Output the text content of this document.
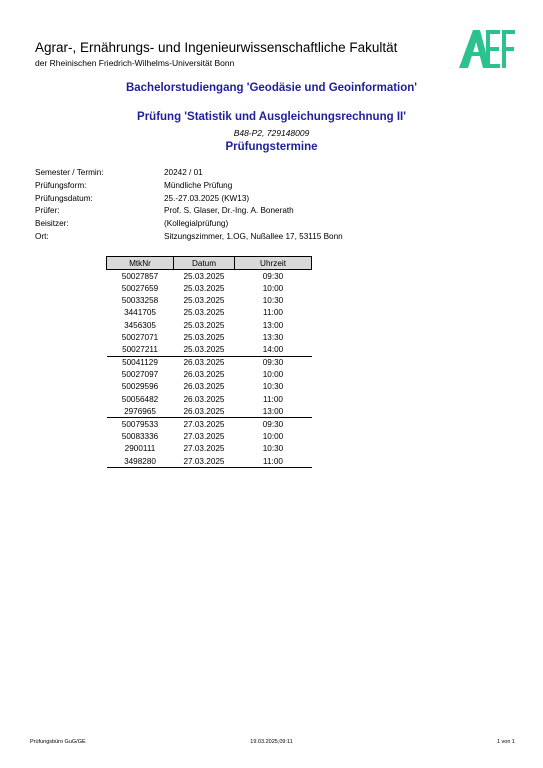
Agrar-, Ernährungs- und Ingenieurwissenschaftliche Fakultät
der Rheinischen Friedrich-Wilhelms-Universität Bonn
Bachelorstudiengang 'Geodäsie und Geoinformation'
Prüfung 'Statistik und Ausgleichungsrechnung II'
B48-P2, 729148009
Prüfungstermine
Semester / Termin:	20242 / 01
Prüfungsform:	Mündliche Prüfung
Prüfungsdatum:	25.-27.03.2025 (KW13)
Prüfer:	Prof. S. Glaser, Dr.-Ing. A. Bonerath
Beisitzer:	(Kollegialprüfung)
Ort:	Sitzungszimmer, 1.OG, Nußallee 17, 53115 Bonn
MtkNr	Datum	Uhrzeit
50027857	25.03.2025	09:30
50027659	25.03.2025	10:00
50033258	25.03.2025	10:30
3441705	25.03.2025	11:00
3456305	25.03.2025	13:00
50027071	25.03.2025	13:30
50027211	25.03.2025	14:00
50041129	26.03.2025	09:30
50027097	26.03.2025	10:00
50029596	26.03.2025	10:30
50056482	26.03.2025	11:00
2976965	26.03.2025	13:00
50079533	27.03.2025	09:30
50083336	27.03.2025	10:00
2900111	27.03.2025	10:30
3498280	27.03.2025	11:00
Prüfungsbüro GuG/GE	19.03.2025,09:11	1 von 1
